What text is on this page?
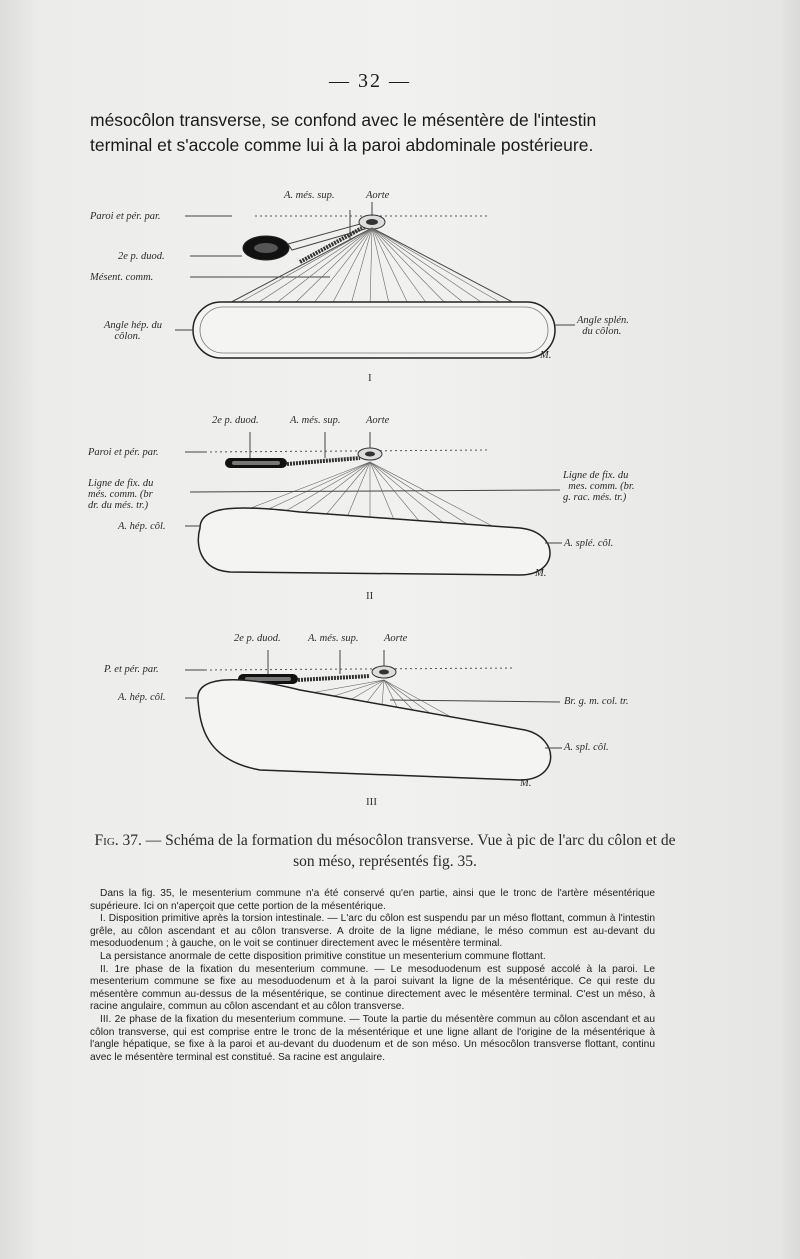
— 32 —
mésocôlon transverse, se confond avec le mésentère de l'intestin terminal et s'accole comme lui à la paroi abdominale postérieure.
A. més. sup.	Aorte
Paroi et pér. par.
2e p. duod.
Mésent. comm.
Angle hép. du
côlon.
Angle splén.
du côlon.
M.
I
2e p. duod.	A. més. sup. Aorte
Paroi et pér. par.
Ligne de fix. du
més. comm. (br
dr. du més. tr.)
Ligne de fix. du
mes. comm. (br.
g. rac. més. tr.)
A. hép. côl.
A. splé. côl.
M.
II
2e p. duod.	A. més. sup. Aorte
P. et pér. par.
A. hép. côl.	Br. g. m. col. tr.
A. spl. côl.
M.
III
Fig. 37. — Schéma de la formation du mésocôlon transverse. Vue à pic de l'arc du côlon et de son méso, représentés fig. 35.

Dans la fig. 35, le mesenterium commune n'a été conservé qu'en partie, ainsi que le tronc de l'artère mésentérique supérieure. Ici on n'aperçoit que cette portion de la mésentérique.

I. Disposition primitive après la torsion intestinale. — L'arc du côlon est suspendu par un méso flottant, commun à l'intestin grêle, au côlon ascendant et au côlon transverse. A droite de la ligne médiane, le méso commun est au-devant du mesoduodenum ; à gauche, on le voit se continuer directement avec le mésentère terminal.

La persistance anormale de cette disposition primitive constitue un mesenterium commune flottant.

II. 1re phase de la fixation du mesenterium commune. — Le mesoduodenum est supposé accolé à la paroi. Le mesenterium commune se fixe au mesoduodenum et à la paroi suivant la ligne de la mésentérique. Ce qui reste du mésentère commun au-dessus de la mésentérique, se continue directement avec le mésentère terminal. C'est un méso, à racine angulaire, commun au côlon ascendant et au côlon transverse.

III. 2e phase de la fixation du mesenterium commune. — Toute la partie du mésentère commun au côlon ascendant et au côlon transverse, qui est comprise entre le tronc de la mésentérique et une ligne allant de l'origine de la mésentérique à l'angle hépatique, se fixe à la paroi et au-devant du duodenum et de son méso. Un mésocôlon transverse flottant, continu avec le mésentère terminal est constitué. Sa racine est angulaire.
